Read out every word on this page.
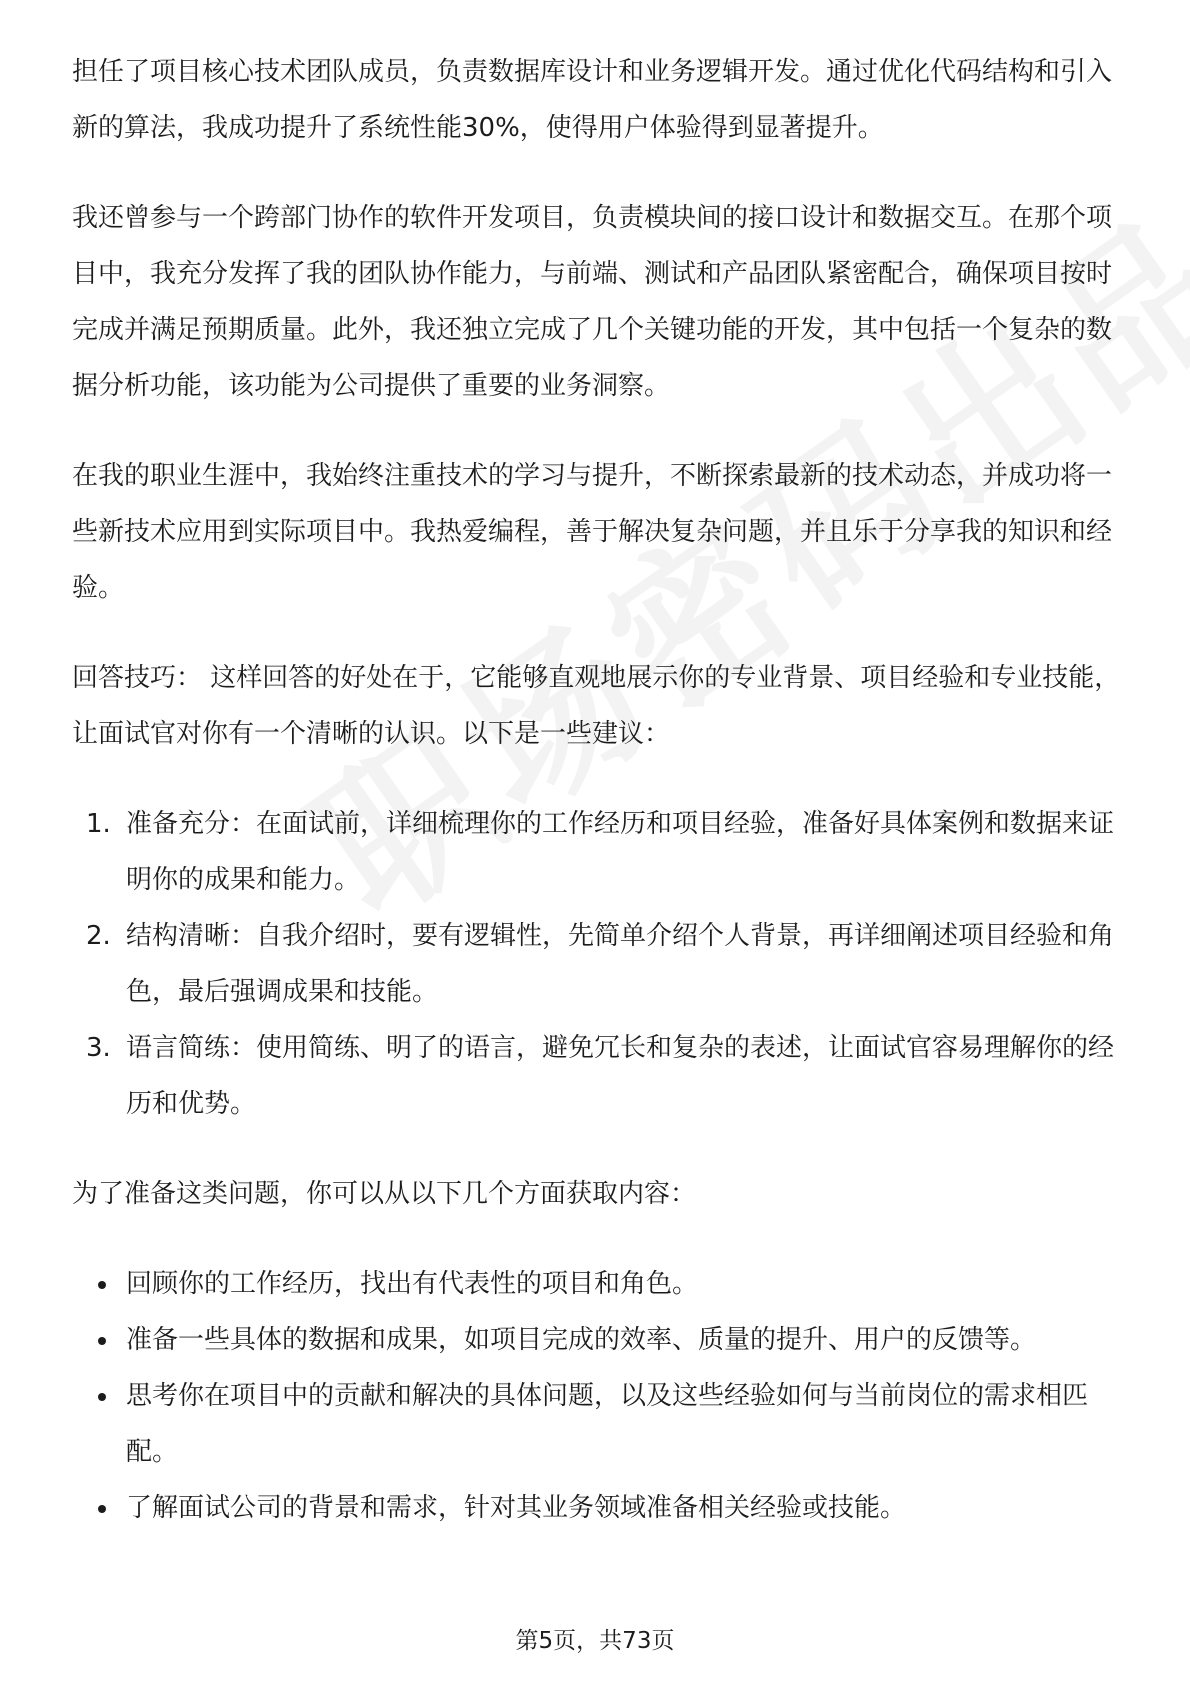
担任了项目核心技术团队成员，负责数据库设计和业务逻辑开发。通过优化代码结构和引入新的算法，我成功提升了系统性能30%，使得用户体验得到显著提升。

我还曾参与一个跨部门协作的软件开发项目，负责模块间的接口设计和数据交互。在那个项目中，我充分发挥了我的团队协作能力，与前端、测试和产品团队紧密配合，确保项目按时完成并满足预期质量。此外，我还独立完成了几个关键功能的开发，其中包括一个复杂的数据分析功能，该功能为公司提供了重要的业务洞察。

在我的职业生涯中，我始终注重技术的学习与提升，不断探索最新的技术动态，并成功将一些新技术应用到实际项目中。我热爱编程，善于解决复杂问题，并且乐于分享我的知识和经验。

回答技巧： 这样回答的好处在于，它能够直观地展示你的专业背景、项目经验和专业技能，让面试官对你有一个清晰的认识。以下是一些建议：

1. 准备充分：在面试前，详细梳理你的工作经历和项目经验，准备好具体案例和数据来证明你的成果和能力。
2. 结构清晰：自我介绍时，要有逻辑性，先简单介绍个人背景，再详细阐述项目经验和角色，最后强调成果和技能。
3. 语言简练：使用简练、明了的语言，避免冗长和复杂的表述，让面试官容易理解你的经历和优势。

为了准备这类问题，你可以从以下几个方面获取内容：

回顾你的工作经历，找出有代表性的项目和角色。
准备一些具体的数据和成果，如项目完成的效率、质量的提升、用户的反馈等。
思考你在项目中的贡献和解决的具体问题，以及这些经验如何与当前岗位的需求相匹配。
了解面试公司的背景和需求，针对其业务领域准备相关经验或技能。
第5页，共73页
